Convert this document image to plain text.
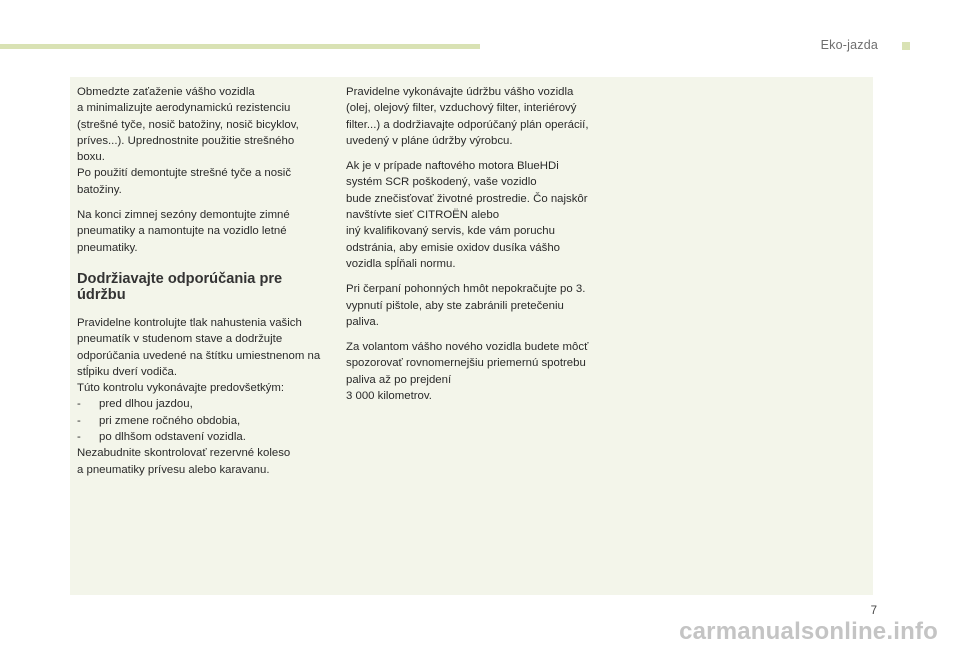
Eko-jazda

Obmedzte zaťaženie vášho vozidla
a minimalizujte aerodynamickú rezistenciu (strešné tyče, nosič batožiny, nosič bicyklov, príves...). Uprednostnite použitie strešného boxu.
Po použití demontujte strešné tyče a nosič batožiny.

Na konci zimnej sezóny demontujte zimné pneumatiky a namontujte na vozidlo letné pneumatiky.

Dodržiavajte odporúčania pre údržbu

Pravidelne kontrolujte tlak nahustenia vašich pneumatík v studenom stave a dodržujte odporúčania uvedené na štítku umiestnenom na stĺpiku dverí vodiča.
Túto kontrolu vykonávajte predovšetkým:

- pred dlhou jazdou,
- pri zmene ročného obdobia,
- po dlhšom odstavení vozidla.

Nezabudnite skontrolovať rezervné koleso
a pneumatiky prívesu alebo karavanu.

Pravidelne vykonávajte údržbu vášho vozidla (olej, olejový filter, vzduchový filter, interiérový filter...) a dodržiavajte odporúčaný plán operácií, uvedený v pláne údržby výrobcu.

Ak je v prípade naftového motora BlueHDi systém SCR poškodený, vaše vozidlo
bude znečisťovať životné prostredie. Čo najskôr navštívte sieť CITROËN alebo
iný kvalifikovaný servis, kde vám poruchu odstránia, aby emisie oxidov dusíka vášho vozidla spĺňali normu.

Pri čerpaní pohonných hmôt nepokračujte po 3. vypnutí pištole, aby ste zabránili pretečeniu paliva.

Za volantom vášho nového vozidla budete môcť spozorovať rovnomernejšiu priemernú spotrebu paliva až po prejdení
3 000 kilometrov.

7
carmanualsonline.info
